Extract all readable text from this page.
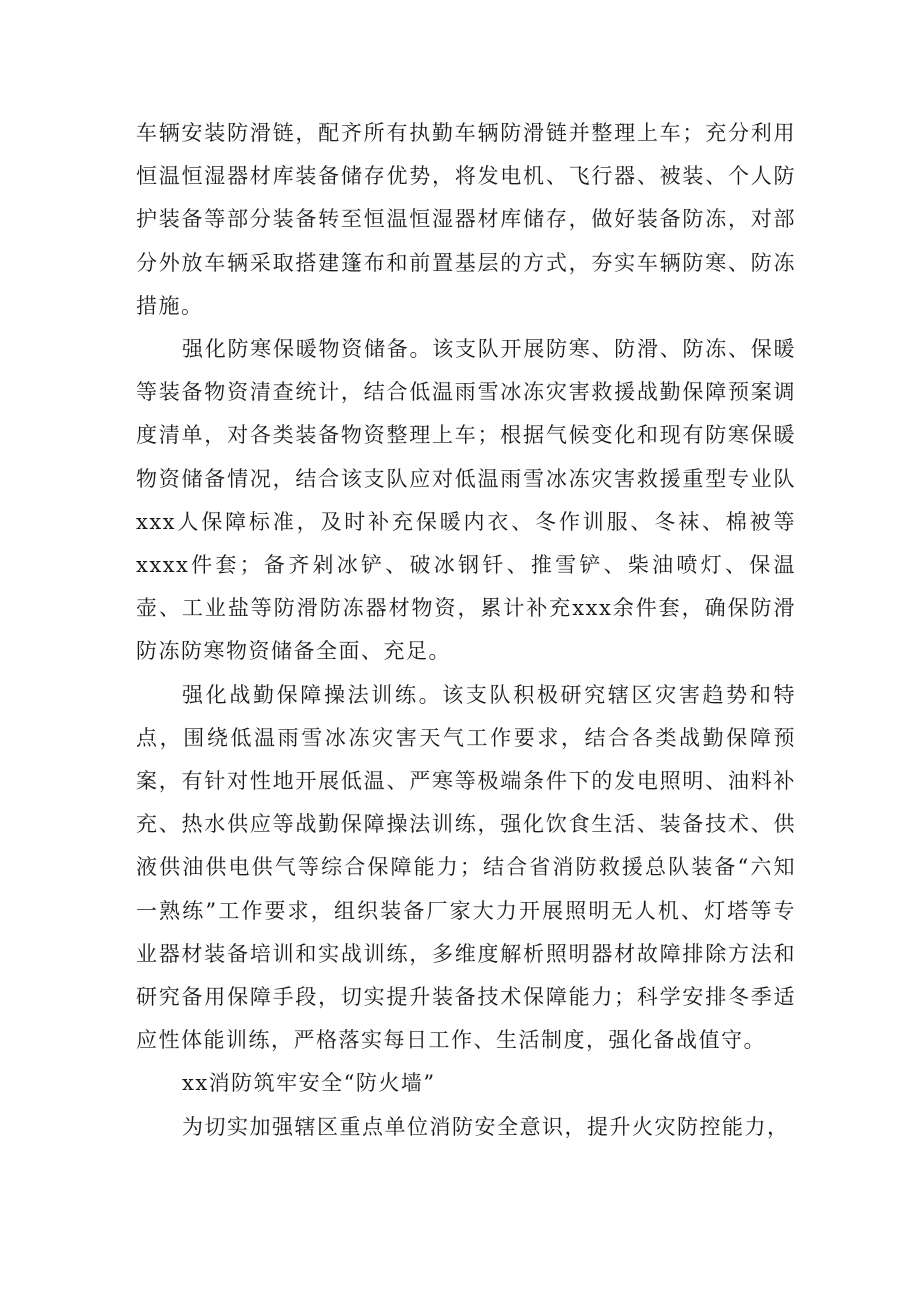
车辆安装防滑链，配齐所有执勤车辆防滑链并整理上车；充分利用恒温恒湿器材库装备储存优势，将发电机、飞行器、被装、个人防护装备等部分装备转至恒温恒湿器材库储存，做好装备防冻，对部分外放车辆采取搭建篷布和前置基层的方式，夯实车辆防寒、防冻措施。

强化防寒保暖物资储备。该支队开展防寒、防滑、防冻、保暖等装备物资清查统计，结合低温雨雪冰冻灾害救援战勤保障预案调度清单，对各类装备物资整理上车；根据气候变化和现有防寒保暖物资储备情况，结合该支队应对低温雨雪冰冻灾害救援重型专业队xxx人保障标准，及时补充保暖内衣、冬作训服、冬袜、棉被等xxxx件套；备齐剁冰铲、破冰钢钎、推雪铲、柴油喷灯、保温壶、工业盐等防滑防冻器材物资，累计补充xxx余件套，确保防滑防冻防寒物资储备全面、充足。

强化战勤保障操法训练。该支队积极研究辖区灾害趋势和特点，围绕低温雨雪冰冻灾害天气工作要求，结合各类战勤保障预案，有针对性地开展低温、严寒等极端条件下的发电照明、油料补充、热水供应等战勤保障操法训练，强化饮食生活、装备技术、供液供油供电供气等综合保障能力；结合省消防救援总队装备“六知一熟练”工作要求，组织装备厂家大力开展照明无人机、灯塔等专业器材装备培训和实战训练，多维度解析照明器材故障排除方法和研究备用保障手段，切实提升装备技术保障能力；科学安排冬季适应性体能训练，严格落实每日工作、生活制度，强化备战值守。

xx消防筑牢安全“防火墙”

为切实加强辖区重点单位消防安全意识，提升火灾防控能力，
